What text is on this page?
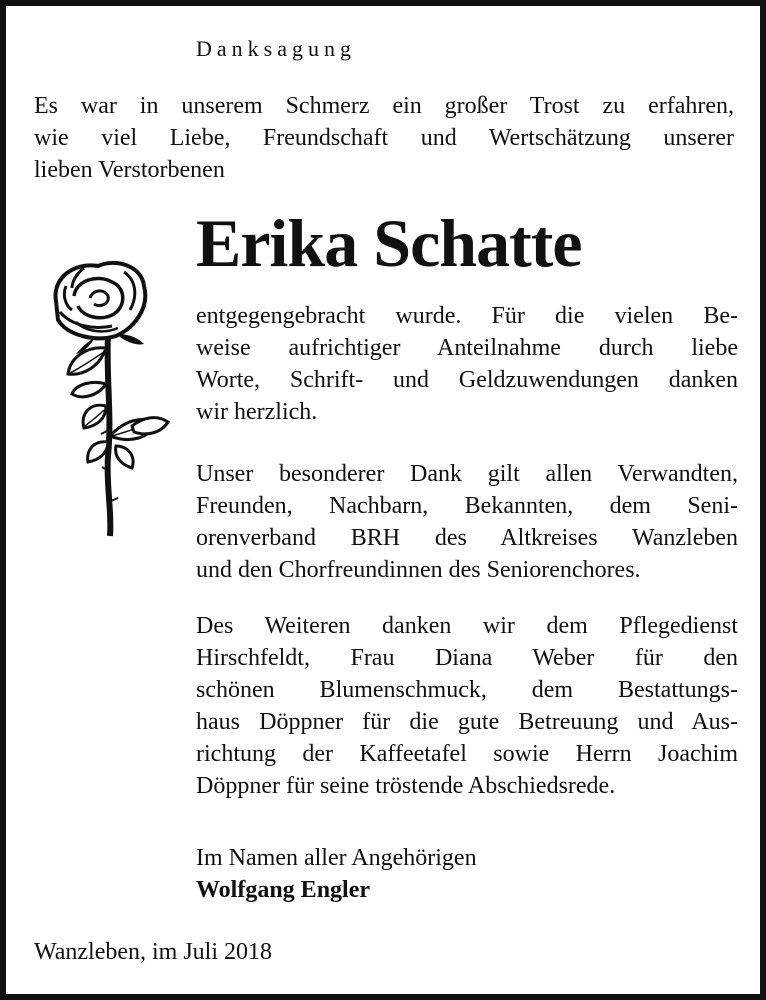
Danksagung

Es war in unserem Schmerz ein großer Trost zu erfahren,
wie viel Liebe, Freundschaft und Wertschätzung unserer
lieben Verstorbenen

Erika Schatte

entgegengebracht wurde. Für die vielen Be-
weise aufrichtiger Anteilnahme durch liebe
Worte, Schrift- und Geldzuwendungen danken
wir herzlich.

Unser besonderer Dank gilt allen Verwandten,
Freunden, Nachbarn, Bekannten, dem Seni-
orenverband BRH des Altkreises Wanzleben
und den Chorfreundinnen des Seniorenchores.

Des Weiteren danken wir dem Pflegedienst
Hirschfeldt, Frau Diana Weber für den
schönen Blumenschmuck, dem Bestattungs-
haus Döppner für die gute Betreuung und Aus-
richtung der Kaffeetafel sowie Herrn Joachim
Döppner für seine tröstende Abschiedsrede.

Im Namen aller Angehörigen
Wolfgang Engler

Wanzleben, im Juli 2018
